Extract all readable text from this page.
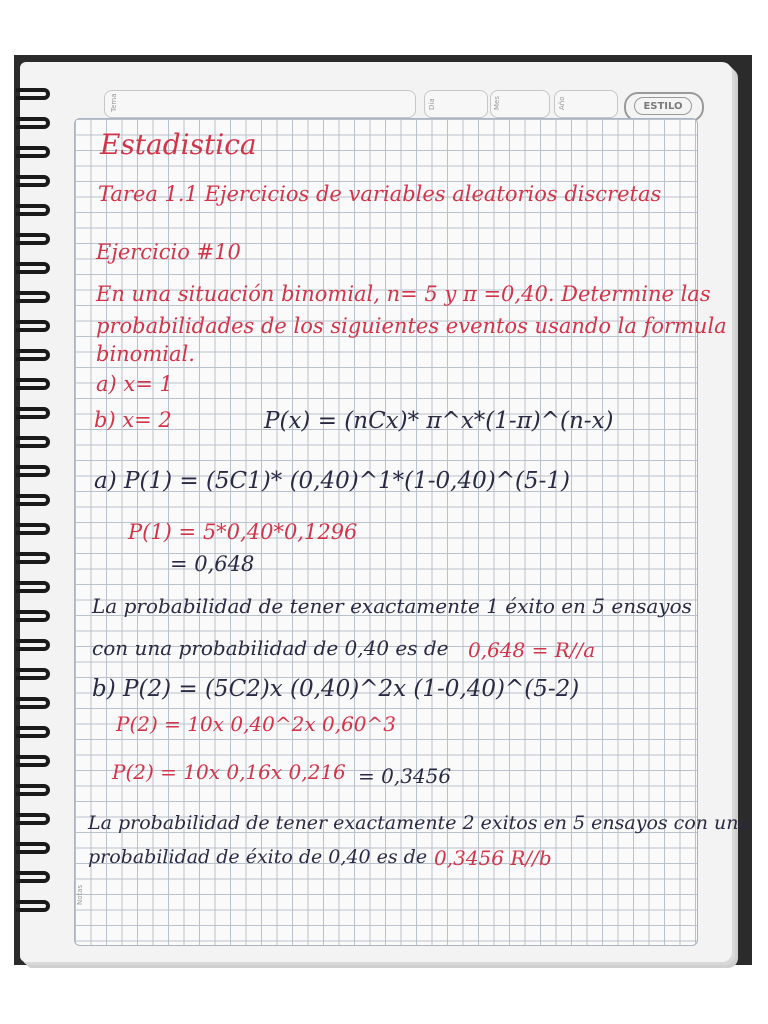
Tema	Día	Mes	Año	ESTILO
Notas
Estadistica
Tarea 1.1 Ejercicios de variables aleatorios discretas
Ejercicio #10
En una situación binomial, n= 5 y π =0,40. Determine las
probabilidades de los siguientes eventos usando la formula
binomial.
a) x= 1
b) x= 2	P(x) = (nCx)* π^x*(1-π)^(n-x)
a) P(1) = (5C1)* (0,40)^1*(1-0,40)^(5-1)
P(1) = 5*0,40*0,1296
= 0,648
La probabilidad de tener exactamente 1 éxito en 5 ensayos
con una probabilidad de 0,40 es de 0,648 = R//a
b) P(2) = (5C2)x (0,40)^2x (1-0,40)^(5-2)
P(2) = 10x 0,40^2x 0,60^3
P(2) = 10x 0,16x 0,216 = 0,3456
La probabilidad de tener exactamente 2 exitos en 5 ensayos con una
probabilidad de éxito de 0,40 es de 0,3456 R//b
